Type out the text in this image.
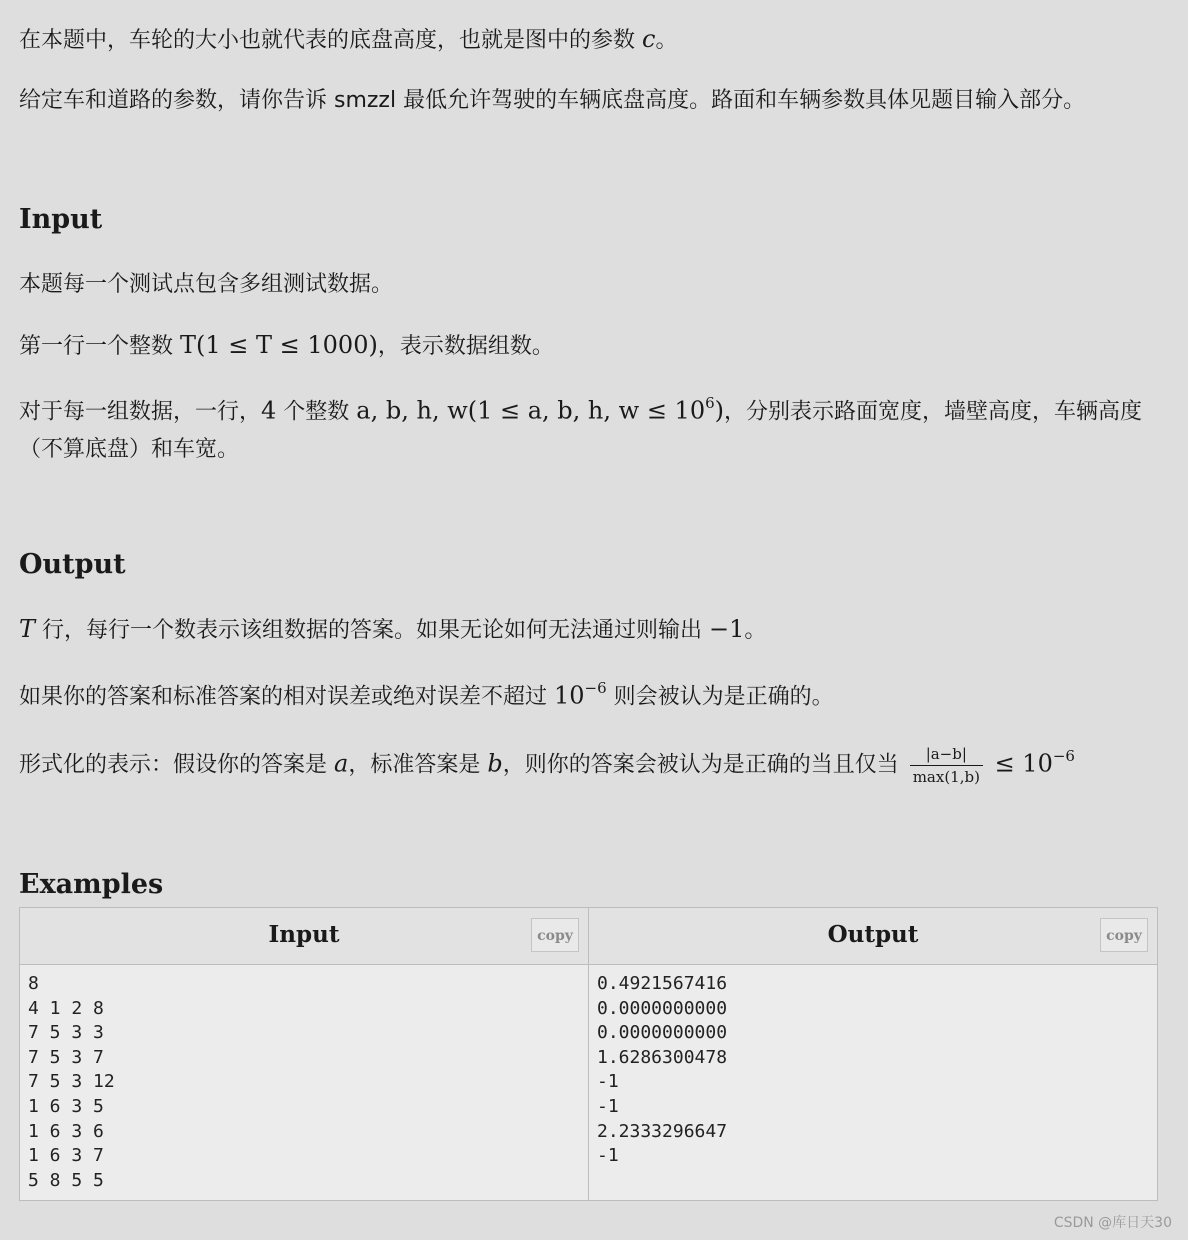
在本题中，车轮的大小也就代表的底盘高度，也就是图中的参数 c。
给定车和道路的参数，请你告诉 smzzl 最低允许驾驶的车辆底盘高度。路面和车辆参数具体见题目输入部分。
Input
本题每一个测试点包含多组测试数据。
第一行一个整数 T(1 ≤ T ≤ 1000)，表示数据组数。
对于每一组数据，一行，4 个整数 a, b, h, w(1 ≤ a, b, h, $w \le 10^6$)，分别表示路面宽度，墙壁高度，车辆高度（不算底盘）和车宽。
Output
T 行，每行一个数表示该组数据的答案。如果无论如何无法通过则输出 −1。
如果你的答案和标准答案的相对误差或绝对误差不超过 $10^{-6}$ 则会被认为是正确的。
形式化的表示：假设你的答案是 a，标准答案是 b，则你的答案会被认为是正确的当且仅当 $\frac{|a-b|}{\max(1,b)} \le 10^{-6}$
Examples
Input	copy
8
4 1 2 8
7 5 3 3
7 5 3 7
7 5 3 12
1 6 3 5
1 6 3 6
1 6 3 7
5 8 5 5
Output	copy
0.4921567416
0.0000000000
0.0000000000
1.6286300478
-1
-1
2.2333296647
-1
CSDN @库日天30
